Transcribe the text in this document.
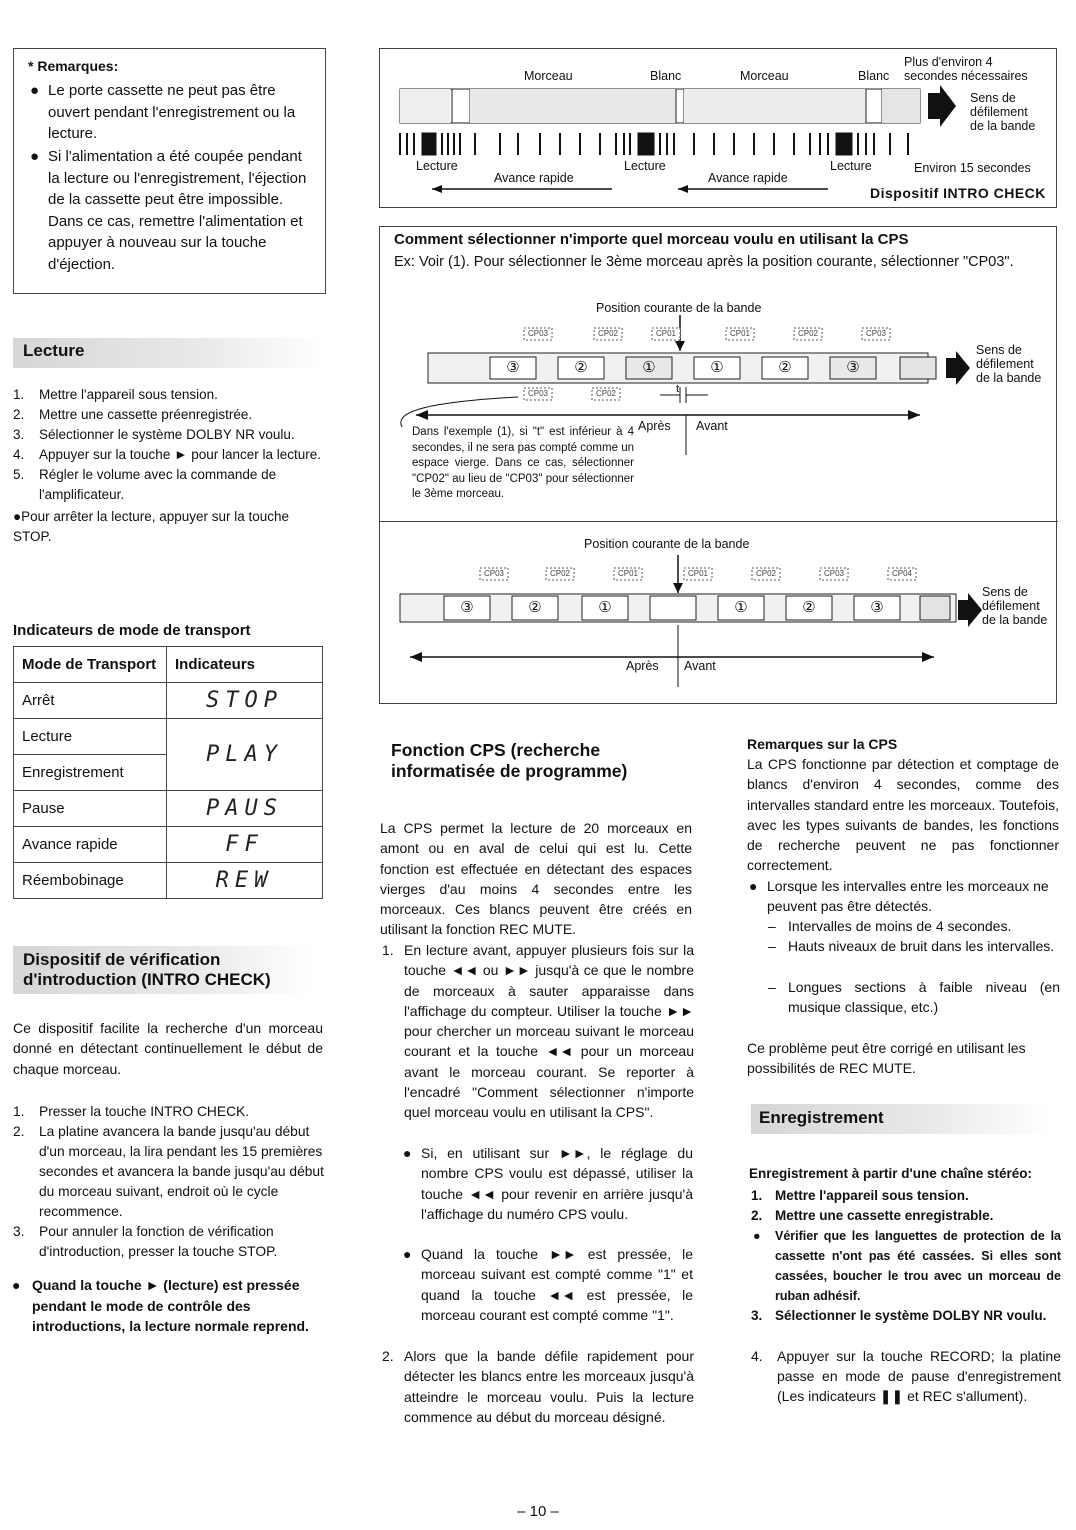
* Remarques:
● Le porte cassette ne peut pas être ouvert pendant l'enregistrement ou la lecture.
● Si l'alimentation a été coupée pendant la lecture ou l'enregistrement, l'éjection de la cassette peut être impossible. Dans ce cas, remettre l'alimentation et appuyer à nouveau sur la touche d'éjection.
Lecture
1. Mettre l'appareil sous tension.
2. Mettre une cassette préenregistrée.
3. Sélectionner le système DOLBY NR voulu.
4. Appuyer sur la touche ► pour lancer la lecture.
5. Régler le volume avec la commande de l'amplificateur.
●Pour arrêter la lecture, appuyer sur la touche STOP.
Indicateurs de mode de transport
Mode de Transport	Indicateurs
Arrêt	STOP
Lecture	PLAY
Enregistrement	
Pause	PAUS
Avance rapide	FF
Réembobinage	REW
Dispositif de vérification
d'introduction (INTRO CHECK)
Ce dispositif facilite la recherche d'un morceau donné en détectant continuellement le début de chaque morceau.
1. Presser la touche INTRO CHECK.
2. La platine avancera la bande jusqu'au début d'un morceau, la lira pendant les 15 premières secondes et avancera la bande jusqu'au début du morceau suivant, endroit où le cycle recommence.
3. Pour annuler la fonction de vérification d'introduction, presser la touche STOP.
● Quand la touche ► (lecture) est pressée pendant le mode de contrôle des introductions, la lecture normale reprend.
Plus d'environ 4
secondes nécessaires
Morceau	Blanc	Morceau	Blanc
Sens de
défilement
de la bande
Lecture	Lecture	Lecture	Environ 15 secondes
Avance rapide	Avance rapide
Dispositif INTRO CHECK
Comment sélectionner n'importe quel morceau voulu en utilisant la CPS
Ex: Voir (1). Pour sélectionner le 3ème morceau après la position courante, sélectionner "CP03".
Position courante de la bande
③	②	①	①	②	③
CP03	CP02	CP01	CP01	CP02	CP03
CP03	CP02	t
Sens de
défilement
de la bande
Après Avant
Dans l'exemple (1), si "t" est inférieur à 4 secondes, il ne sera pas compté comme un espace vierge. Dans ce cas, sélectionner "CP02" au lieu de "CP03" pour sélectionner le 3ème morceau.
Position courante de la bande
③	②	①	①	②	③
CP03	CP02	CP01	CP01	CP02	CP03	CP04
Sens de
défilement
de la bande
Après Avant
Fonction CPS (recherche
informatisée de programme)
La CPS permet la lecture de 20 morceaux en amont ou en aval de celui qui est lu. Cette fonction est effectuée en détectant des espaces vierges d'au moins 4 secondes entre les morceaux. Ces blancs peuvent être créés en utilisant la fonction REC MUTE.
1. En lecture avant, appuyer plusieurs fois sur la touche ◄◄ ou ►► jusqu'à ce que le nombre de morceaux à sauter apparaisse dans l'affichage du compteur. Utiliser la touche ►► pour chercher un morceau suivant le morceau courant et la touche ◄◄ pour un morceau avant le morceau courant. Se reporter à l'encadré "Comment sélectionner n'importe quel morceau voulu en utilisant la CPS".
● Si, en utilisant sur ►►, le réglage du nombre CPS voulu est dépassé, utiliser la touche ◄◄ pour revenir en arrière jusqu'à l'affichage du numéro CPS voulu.
● Quand la touche ►► est pressée, le morceau suivant est compté comme "1" et quand la touche ◄◄ est pressée, le morceau courant est compté comme "1".
2. Alors que la bande défile rapidement pour détecter les blancs entre les morceaux jusqu'à atteindre le morceau voulu. Puis la lecture commence au début du morceau désigné.
Remarques sur la CPS
La CPS fonctionne par détection et comptage de blancs d'environ 4 secondes, comme des intervalles standard entre les morceaux. Toutefois, avec les types suivants de bandes, les fonctions de recherche peuvent ne pas fonctionner correctement.
● Lorsque les intervalles entre les morceaux ne peuvent pas être détectés.
– Intervalles de moins de 4 secondes.
– Hauts niveaux de bruit dans les intervalles.
– Longues sections à faible niveau (en musique classique, etc.)
Ce problème peut être corrigé en utilisant les possibilités de REC MUTE.
Enregistrement
Enregistrement à partir d'une chaîne stéréo:
1. Mettre l'appareil sous tension.
2. Mettre une cassette enregistrable.
● Vérifier que les languettes de protection de la cassette n'ont pas été cassées. Si elles sont cassées, boucher le trou avec un morceau de ruban adhésif.
3. Sélectionner le système DOLBY NR voulu.
4. Appuyer sur la touche RECORD; la platine passe en mode de pause d'enregistrement (Les indicateurs ❚❚ et REC s'allument).
– 10 –
